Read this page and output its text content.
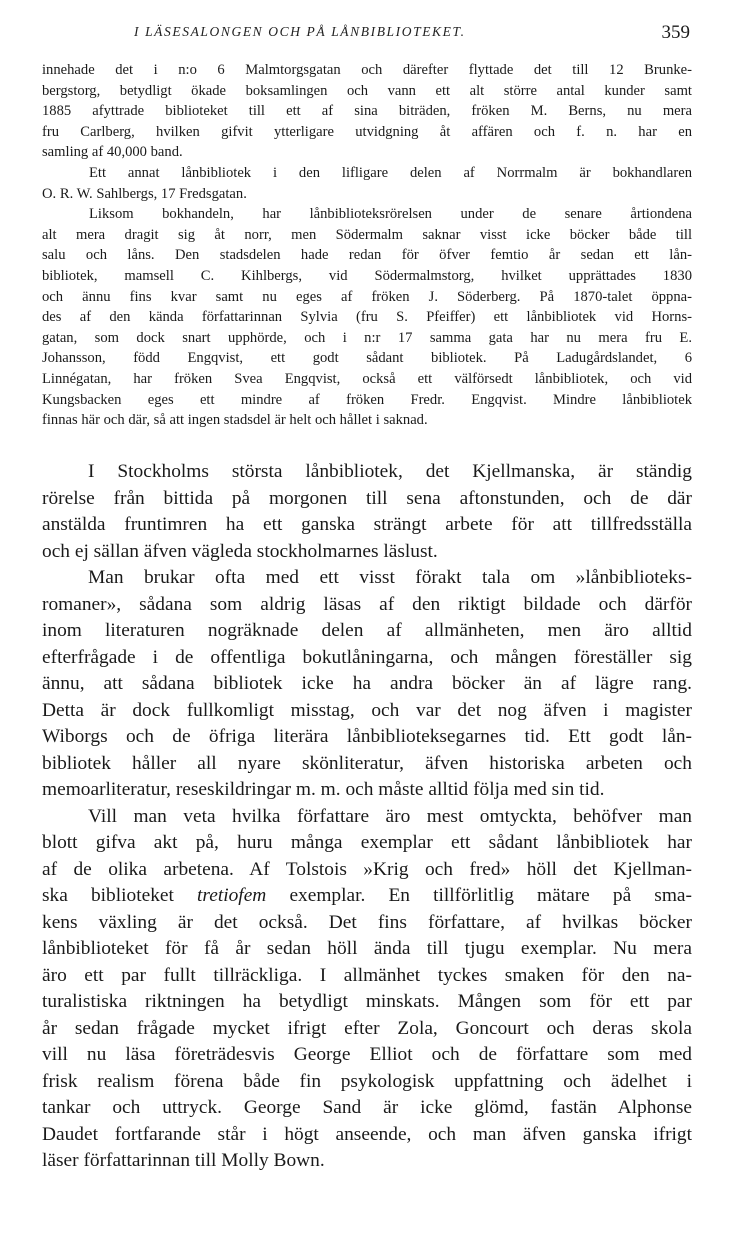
I LÄSESALONGEN OCH PÅ LÅNBIBLIOTEKET.	359
innehade det i n:o 6 Malmtorgsgatan och därefter flyttade det till 12 Brunke-
bergstorg, betydligt ökade boksamlingen och vann ett alt större antal kunder samt
1885 afyttrade biblioteket till ett af sina biträden, fröken M. Berns, nu mera
fru Carlberg, hvilken gifvit ytterligare utvidgning åt affären och f. n. har en
samling af 40,000 band.
Ett annat lånbibliotek i den lifligare delen af Norrmalm är bokhandlaren
O. R. W. Sahlbergs, 17 Fredsgatan.
Liksom bokhandeln, har lånbiblioteksrörelsen under de senare årtiondena
alt mera dragit sig åt norr, men Södermalm saknar visst icke böcker både till
salu och låns. Den stadsdelen hade redan för öfver femtio år sedan ett lån-
bibliotek, mamsell C. Kihlbergs, vid Södermalmstorg, hvilket upprättades 1830
och ännu fins kvar samt nu eges af fröken J. Söderberg. På 1870-talet öppna-
des af den kända författarinnan Sylvia (fru S. Pfeiffer) ett lånbibliotek vid Horns-
gatan, som dock snart upphörde, och i n:r 17 samma gata har nu mera fru E.
Johansson, född Engqvist, ett godt sådant bibliotek. På Ladugårdslandet, 6
Linnégatan, har fröken Svea Engqvist, också ett välförsedt lånbibliotek, och vid
Kungsbacken eges ett mindre af fröken Fredr. Engqvist. Mindre lånbibliotek
finnas här och där, så att ingen stadsdel är helt och hållet i saknad.
I Stockholms största lånbibliotek, det Kjellmanska, är ständig
rörelse från bittida på morgonen till sena aftonstunden, och de där
anstälda fruntimren ha ett ganska strängt arbete för att tillfredsställa
och ej sällan äfven vägleda stockholmarnes läslust.
Man brukar ofta med ett visst förakt tala om »lånbiblioteks-
romaner», sådana som aldrig läsas af den riktigt bildade och därför
inom literaturen nogräknade delen af allmänheten, men äro alltid
efterfrågade i de offentliga bokutlåningarna, och mången föreställer sig
ännu, att sådana bibliotek icke ha andra böcker än af lägre rang.
Detta är dock fullkomligt misstag, och var det nog äfven i magister
Wiborgs och de öfriga literära lånbiblioteksegarnes tid. Ett godt lån-
bibliotek håller all nyare skönliteratur, äfven historiska arbeten och
memoarliteratur, reseskildringar m. m. och måste alltid följa med sin tid.
Vill man veta hvilka författare äro mest omtyckta, behöfver man
blott gifva akt på, huru många exemplar ett sådant lånbibliotek har
af de olika arbetena. Af Tolstois »Krig och fred» höll det Kjellman-
ska biblioteket tretiofem exemplar. En tillförlitlig mätare på sma-
kens växling är det också. Det fins författare, af hvilkas böcker
lånbiblioteket för få år sedan höll ända till tjugu exemplar. Nu mera
äro ett par fullt tillräckliga. I allmänhet tyckes smaken för den na-
turalistiska riktningen ha betydligt minskats. Mången som för ett par
år sedan frågade mycket ifrigt efter Zola, Goncourt och deras skola
vill nu läsa företrädesvis George Elliot och de författare som med
frisk realism förena både fin psykologisk uppfattning och ädelhet i
tankar och uttryck. George Sand är icke glömd, fastän Alphonse
Daudet fortfarande står i högt anseende, och man äfven ganska ifrigt
läser författarinnan till Molly Bown.
